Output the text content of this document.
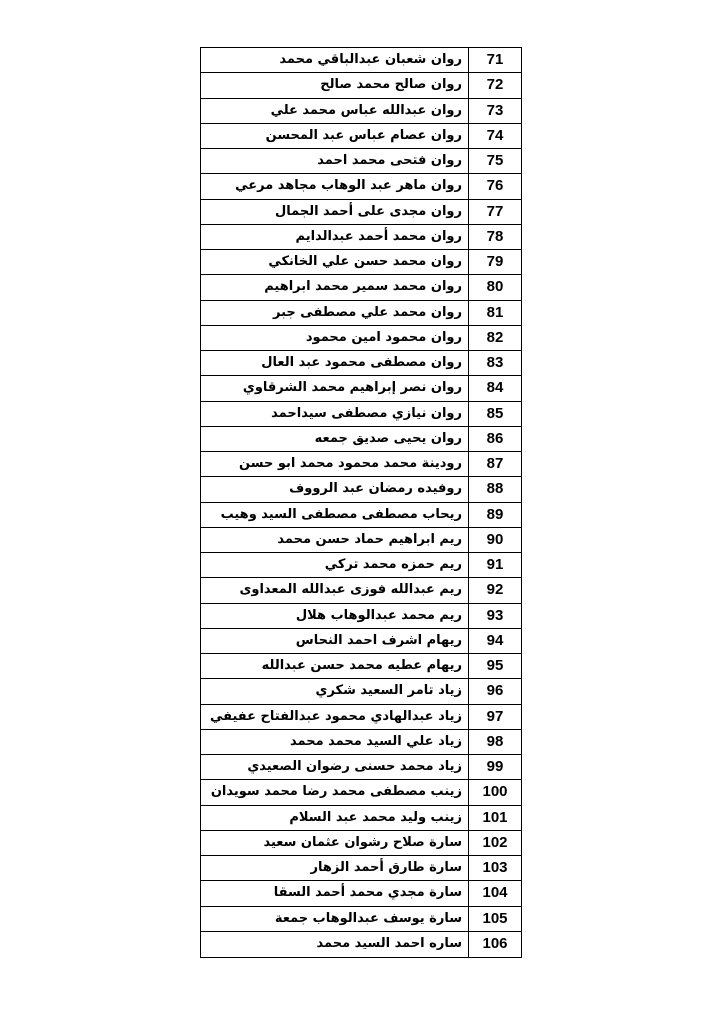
روان شعبان عبدالباقي محمد	71
روان صالح محمد صالح	72
روان عبدالله عباس محمد علي	73
روان عصام عباس عبد المحسن	74
روان فتحى محمد احمد	75
روان ماهر عبد الوهاب مجاهد مرعي	76
روان مجدى على أحمد الجمال	77
روان محمد أحمد عبدالدايم	78
روان محمد حسن علي الخانكي	79
روان محمد سمير محمد ابراهيم	80
روان محمد علي مصطفى جبر	81
روان محمود امين محمود	82
روان مصطفى محمود عبد العال	83
روان نصر إبراهيم محمد الشرقاوي	84
روان نيازي مصطفى سيداحمد	85
روان يحيى صديق جمعه	86
رودينة محمد محمود محمد ابو حسن	87
روفيده رمضان عبد الرووف	88
ريحاب مصطفى مصطفى السيد وهيب	89
ريم ابراهيم حماد حسن محمد	90
ريم حمزه محمد تركي	91
ريم عبدالله فوزى عبدالله المعداوى	92
ريم محمد عبدالوهاب هلال	93
ريهام اشرف احمد النحاس	94
ريهام عطيه محمد حسن عبدالله	95
زياد تامر السعيد شكري	96
زياد عبدالهادي محمود عبدالفتاح عفيفي	97
زياد علي السيد محمد محمد	98
زياد محمد حسنى رضوان الصعيدي	99
زينب مصطفى محمد رضا محمد سويدان	100
زينب وليد محمد عبد السلام	101
سارة صلاح رشوان عثمان سعيد	102
سارة طارق أحمد الزهار	103
سارة مجدي محمد أحمد السقا	104
سارة يوسف عبدالوهاب جمعة	105
ساره احمد السيد محمد	106
